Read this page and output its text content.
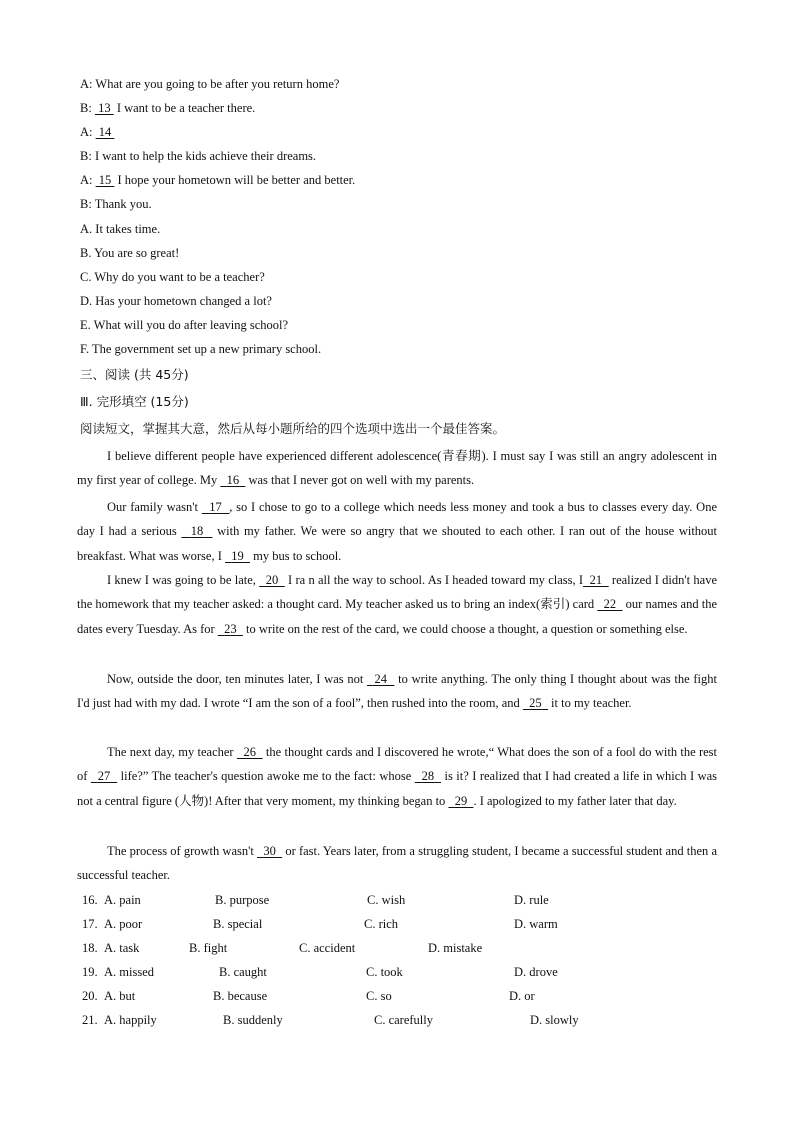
A: What are you going to be after you return home?
B: 13 I want to be a teacher there.
A: 14
B: I want to help the kids achieve their dreams.
A: 15 I hope your hometown will be better and better.
B: Thank you.
A. It takes time.
B. You are so great!
C. Why do you want to be a teacher?
D. Has your hometown changed a lot?
E. What will you do after leaving school?
F. The government set up a new primary school.
三、阅读 (共 45分)
Ⅲ. 完形填空 (15分)
阅读短文，掌握其大意，然后从每小题所给的四个选项中选出一个最佳答案。

I believe different people have experienced different adolescence(青春期). I must say I was still an angry adolescent in my first year of college. My   16   was that I never got on well with my parents.

Our family wasn't   17 , so I chose to go to a college which needs less money and took a bus to classes every day. One day I had a serious   18   with my father. We were so angry that we shouted to each other. I ran out of the house without breakfast. What was worse, I   19   my bus to school.

I knew I was going to be late,   20   I ra n all the way to school. As I headed toward my class, I 21   realized I didn't have the homework that my teacher asked: a thought card. My teacher asked us to bring an index(索引) card   22   our names and the dates every Tuesday. As for   23   to write on the rest of the card, we could choose a thought, a question or something else.

Now, outside the door, ten minutes later, I was not   24   to write anything. The only thing I thought about was the fight I'd just had with my dad. I wrote “I am the son of a fool”, then rushed into the room, and   25   it to my teacher.

The next day, my teacher   26   the thought cards and I discovered he wrote,“ What does the son of a fool do with the rest of   27   life?” The teacher's question awoke me to the fact: whose   28   is it? I realized that I had created a life in which I was not a central figure (人物)! After that very moment, my thinking began to   29 . I apologized to my father later that day.

The process of growth wasn't   30   or fast. Years later, from a struggling student, I became a successful student and then a successful teacher.

16. A. pain	B. purpose	C. wish	D. rule
17. A. poor	B. special	C. rich	D. warm
18. A. task	B. fight	C. accident	D. mistake
19. A. missed	B. caught	C. took	D. drove
20. A. but	B. because	C. so	D. or
21. A. happily	B. suddenly	C. carefully	D. slowly
